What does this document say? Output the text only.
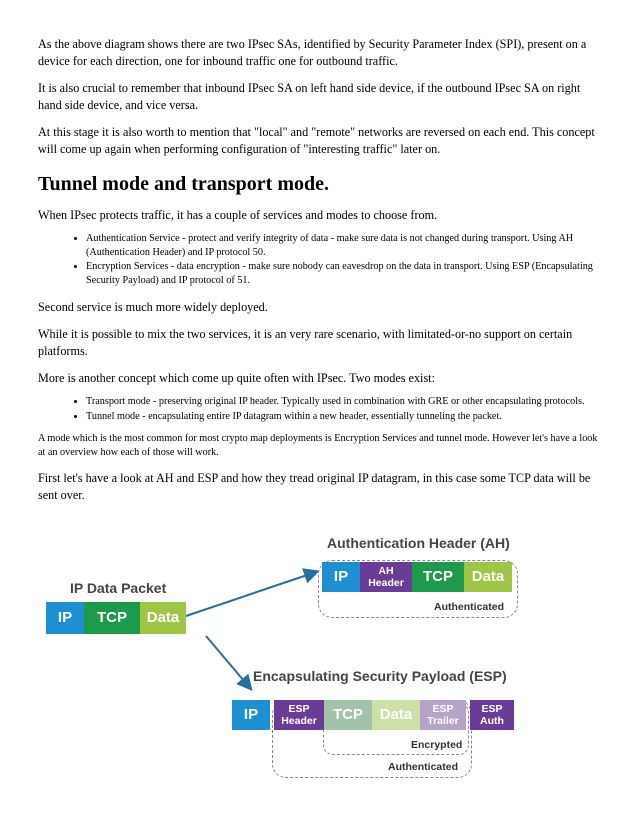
As the above diagram shows there are two IPsec SAs, identified by Security Parameter Index (SPI), present on a device for each direction, one for inbound traffic one for outbound traffic.

It is also crucial to remember that inbound IPsec SA on left hand side device, if the outbound IPsec SA on right hand side device, and vice versa.

At this stage it is also worth to mention that "local" and "remote" networks are reversed on each end. This concept will come up again when performing configuration of "interesting traffic" later on.

Tunnel mode and transport mode.

When IPsec protects traffic, it has a couple of services and modes to choose from.

• Authentication Service - protect and verify integrity of data - make sure data is not changed during transport. Using AH (Authentication Header) and IP protocol 50.
• Encryption Services - data encryption - make sure nobody can eavesdrop on the data in transport. Using ESP (Encapsulating Security Payload) and IP protocol of 51.

Second service is much more widely deployed.

While it is possible to mix the two services, it is an very rare scenario, with limitated-or-no support on certain platforms.

More is another concept which come up quite often with IPsec. Two modes exist:

• Transport mode - preserving original IP header. Typically used in combination with GRE or other encapsulating protocols.
• Tunnel mode - encapsulating entire IP datagram within a new header, essentially tunneling the packet.

A mode which is the most common for most crypto map deployments is Encryption Services and tunnel mode. However let's have a look at an overview how each of those will work.

First let's have a look at AH and ESP and how they tread original IP datagram, in this case some TCP data will be sent over.

IP Data Packet
IP	TCP	Data
Authentication Header (AH)
IP	AH
Header	TCP	Data
Authenticated
Encapsulating Security Payload (ESP)
IP	ESP
Header	TCP	Data	ESP
Trailer
ESP
Auth
Encrypted
Authenticated
